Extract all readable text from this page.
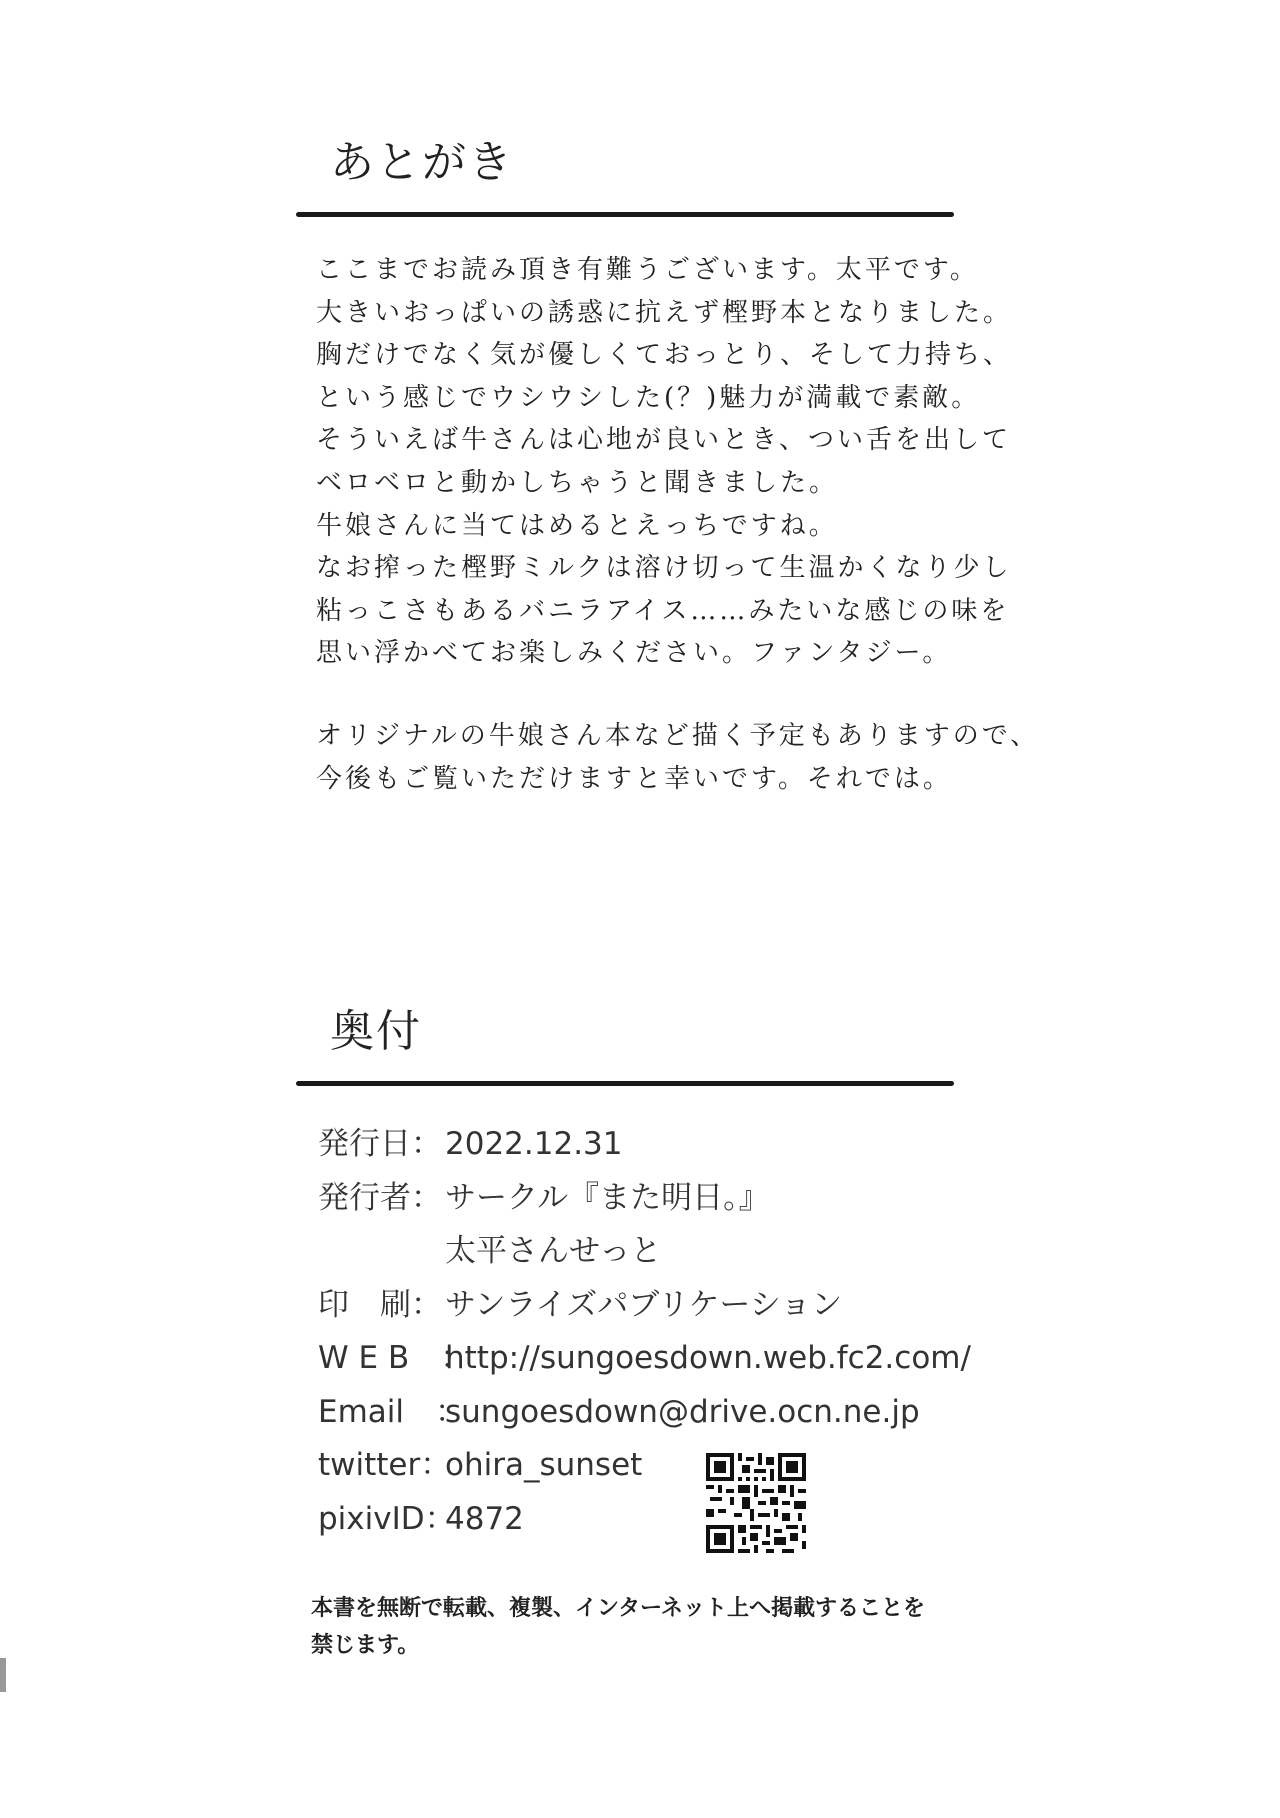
あとがき
ここまでお読み頂き有難うございます。太平です。
大きいおっぱいの誘惑に抗えず樫野本となりました。
胸だけでなく気が優しくておっとり、そして力持ち、
という感じでウシウシした(？)魅力が満載で素敵。
そういえば牛さんは心地が良いとき、つい舌を出して
ベロベロと動かしちゃうと聞きました。
牛娘さんに当てはめるとえっちですね。
なお搾った樫野ミルクは溶け切って生温かくなり少し
粘っこさもあるバニラアイス……みたいな感じの味を
思い浮かべてお楽しみください。ファンタジー。
オリジナルの牛娘さん本など描く予定もありますので、
今後もご覧いただけますと幸いです。それでは。
奥付
発行日：2022.12.31
発行者：サークル『また明日。』
太平さんせっと
印　刷：サンライズパブリケーション
W E B　：http://sungoesdown.web.fc2.com/
Email　：sungoesdown@drive.ocn.ne.jp
twitter：ohira_sunset
pixivID：4872

本書を無断で転載、複製、インターネット上へ掲載することを
禁じます。
